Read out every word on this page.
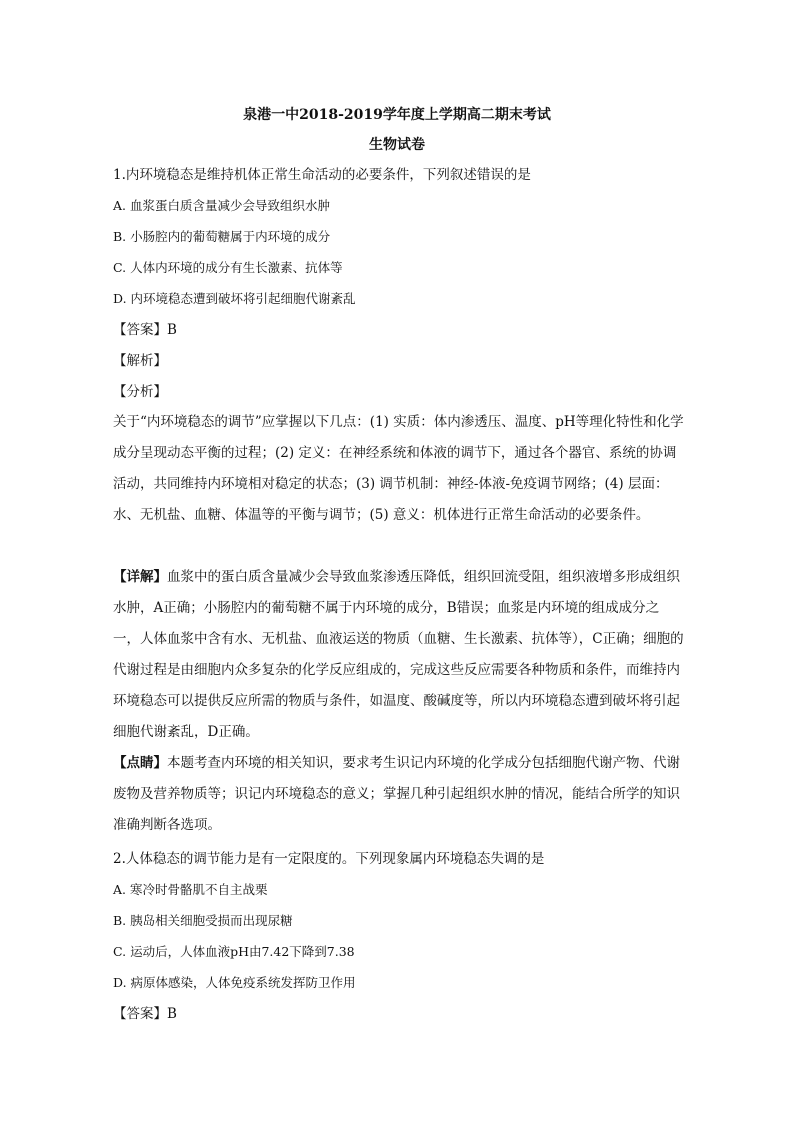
泉港一中2018-2019学年度上学期高二期末考试
生物试卷
1.内环境稳态是维持机体正常生命活动的必要条件，下列叙述错误的是
A. 血浆蛋白质含量减少会导致组织水肿
B. 小肠腔内的葡萄糖属于内环境的成分
C. 人体内环境的成分有生长激素、抗体等
D. 内环境稳态遭到破坏将引起细胞代谢紊乱
【答案】B
【解析】
【分析】
关于“内环境稳态的调节”应掌握以下几点：(1) 实质：体内渗透压、温度、pH等理化特性和化学成分呈现动态平衡的过程；(2) 定义：在神经系统和体液的调节下，通过各个器官、系统的协调活动，共同维持内环境相对稳定的状态；(3) 调节机制：神经-体液-免疫调节网络；(4) 层面：水、无机盐、血糖、体温等的平衡与调节；(5) 意义：机体进行正常生命活动的必要条件。
【详解】血浆中的蛋白质含量减少会导致血浆渗透压降低，组织回流受阻，组织液增多形成组织水肿，A正确；小肠腔内的葡萄糖不属于内环境的成分，B错误；血浆是内环境的组成成分之一，人体血浆中含有水、无机盐、血液运送的物质（血糖、生长激素、抗体等），C正确；细胞的代谢过程是由细胞内众多复杂的化学反应组成的，完成这些反应需要各种物质和条件，而维持内环境稳态可以提供反应所需的物质与条件，如温度、酸碱度等，所以内环境稳态遭到破坏将引起细胞代谢紊乱，D正确。
【点睛】本题考查内环境的相关知识，要求考生识记内环境的化学成分包括细胞代谢产物、代谢废物及营养物质等；识记内环境稳态的意义；掌握几种引起组织水肿的情况，能结合所学的知识准确判断各选项。
2.人体稳态的调节能力是有一定限度的。下列现象属内环境稳态失调的是
A. 寒冷时骨骼肌不自主战栗
B. 胰岛相关细胞受损而出现尿糖
C. 运动后，人体血液pH由7.42下降到7.38
D. 病原体感染，人体免疫系统发挥防卫作用
【答案】B
